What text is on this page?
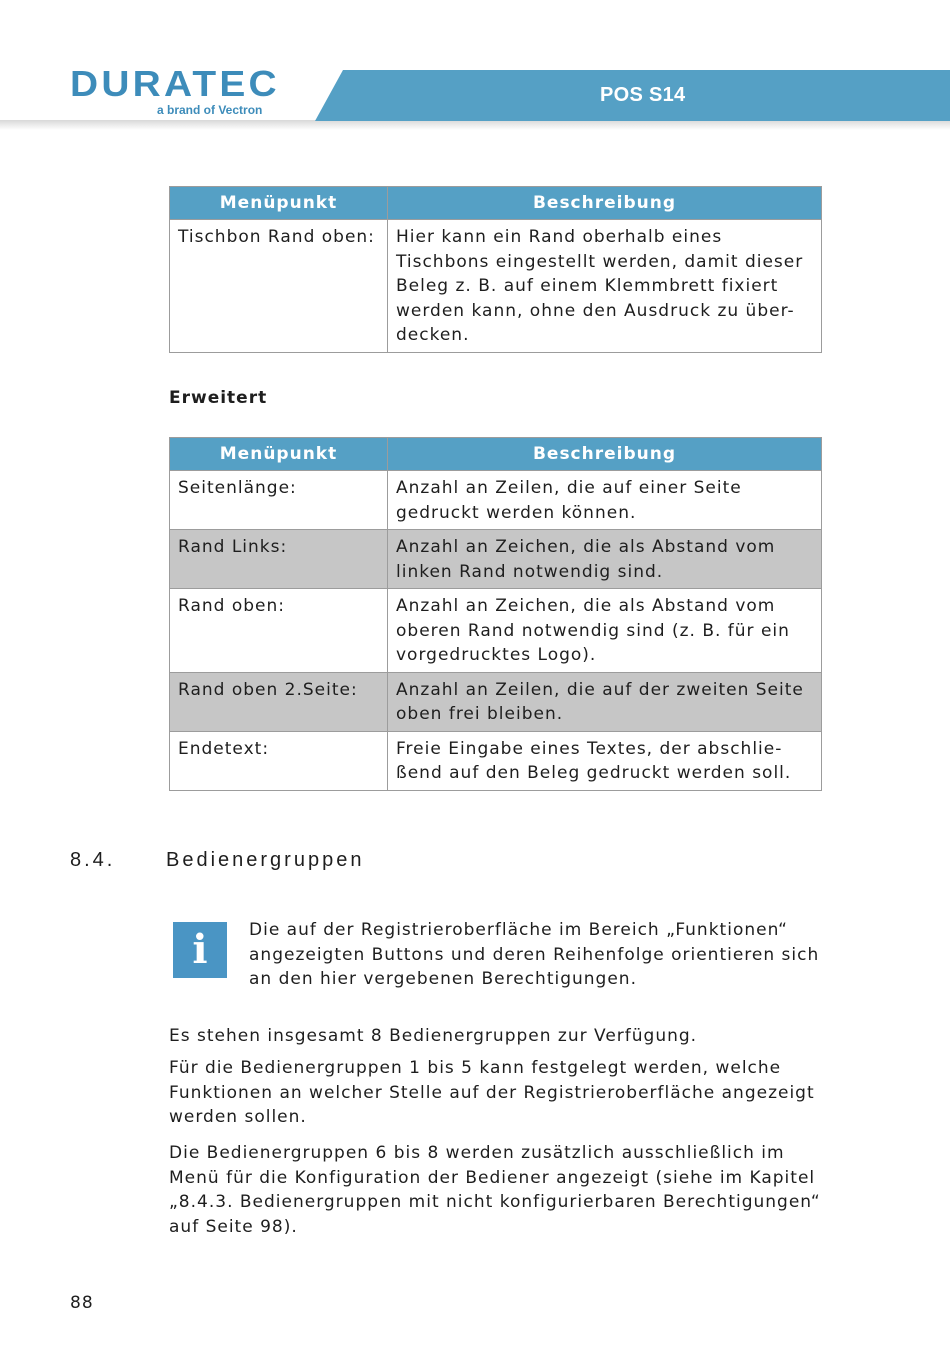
POS S14
DURATEC
a brand of Vectron
Menüpunkt	Beschreibung
Tischbon Rand oben:	Hier kann ein Rand oberhalb eines
Tischbons eingestellt werden, damit dieser
Beleg z. B. auf einem Klemmbrett fixiert
werden kann, ohne den Ausdruck zu über-
decken.
Erweitert
Menüpunkt	Beschreibung
Seitenlänge:	Anzahl an Zeilen, die auf einer Seite
gedruckt werden können.

Rand Links:	Anzahl an Zeichen, die als Abstand vom
linken Rand notwendig sind.

Rand oben:	Anzahl an Zeichen, die als Abstand vom
oberen Rand notwendig sind (z. B. für ein
vorgedrucktes Logo).

Rand oben 2.Seite:	Anzahl an Zeilen, die auf der zweiten Seite
oben frei bleiben.

Endetext:	Freie Eingabe eines Textes, der abschlie-
ßend auf den Beleg gedruckt werden soll.
8.4.	Bedienergruppen
i	Die auf der Registrieroberfläche im Bereich „Funktionen“
angezeigten Buttons und deren Reihenfolge orientieren sich
an den hier vergebenen Berechtigungen.
Es stehen insgesamt 8 Bedienergruppen zur Verfügung.
Für die Bedienergruppen 1 bis 5 kann festgelegt werden, welche
Funktionen an welcher Stelle auf der Registrieroberfläche angezeigt
werden sollen.
Die Bedienergruppen 6 bis 8 werden zusätzlich ausschließlich im
Menü für die Konfiguration der Bediener angezeigt (siehe im Kapitel
„8.4.3. Bedienergruppen mit nicht konfigurierbaren Berechtigungen“
auf Seite 98).
88
